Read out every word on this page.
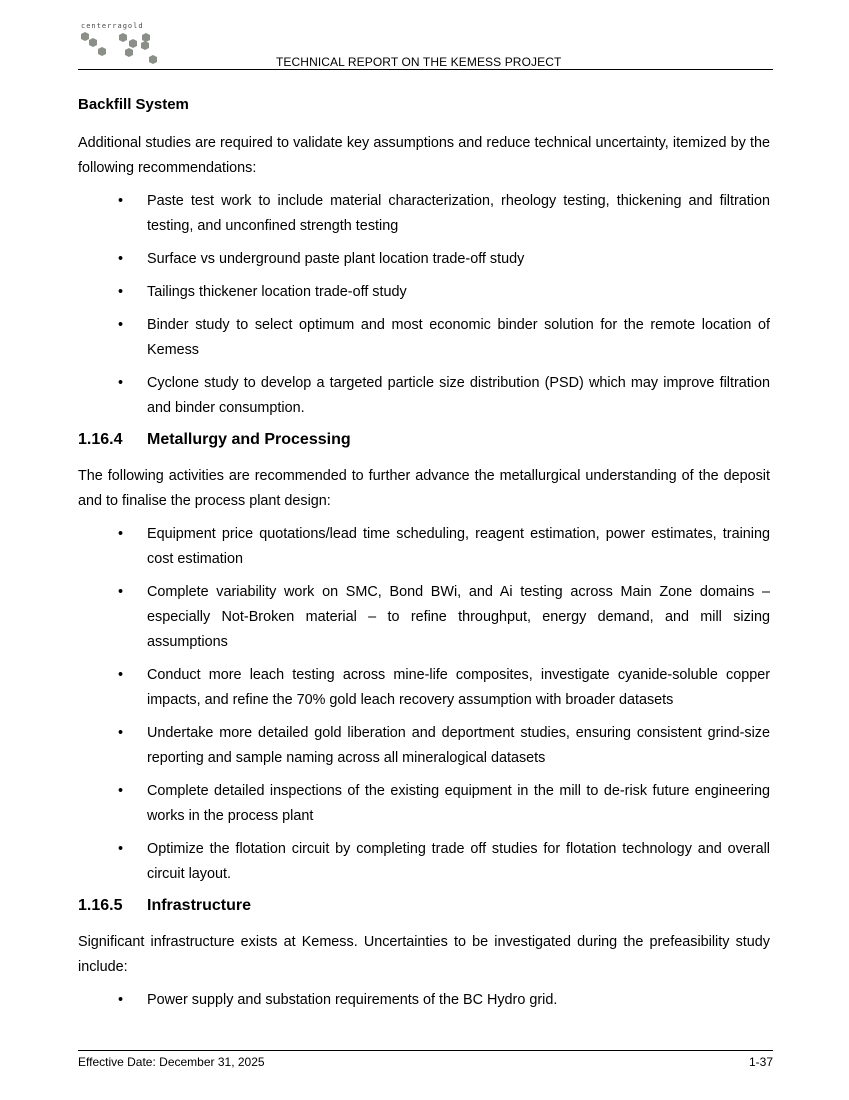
centerragold
TECHNICAL REPORT ON THE KEMESS PROJECT
Backfill System

Additional studies are required to validate key assumptions and reduce technical uncertainty, itemized by the following recommendations:

• Paste test work to include material characterization, rheology testing, thickening and filtration testing, and unconfined strength testing
• Surface vs underground paste plant location trade-off study
• Tailings thickener location trade-off study
• Binder study to select optimum and most economic binder solution for the remote location of Kemess
• Cyclone study to develop a targeted particle size distribution (PSD) which may improve filtration and binder consumption.
1.16.4	Metallurgy and Processing

The following activities are recommended to further advance the metallurgical understanding of the deposit and to finalise the process plant design:

• Equipment price quotations/lead time scheduling, reagent estimation, power estimates, training cost estimation
• Complete variability work on SMC, Bond BWi, and Ai testing across Main Zone domains – especially Not-Broken material – to refine throughput, energy demand, and mill sizing assumptions
• Conduct more leach testing across mine-life composites, investigate cyanide-soluble copper impacts, and refine the 70% gold leach recovery assumption with broader datasets
• Undertake more detailed gold liberation and deportment studies, ensuring consistent grind-size reporting and sample naming across all mineralogical datasets
• Complete detailed inspections of the existing equipment in the mill to de-risk future engineering works in the process plant
• Optimize the flotation circuit by completing trade off studies for flotation technology and overall circuit layout.
1.16.5	Infrastructure

Significant infrastructure exists at Kemess. Uncertainties to be investigated during the prefeasibility study include:

• Power supply and substation requirements of the BC Hydro grid.
Effective Date: December 31, 2025	1-37
